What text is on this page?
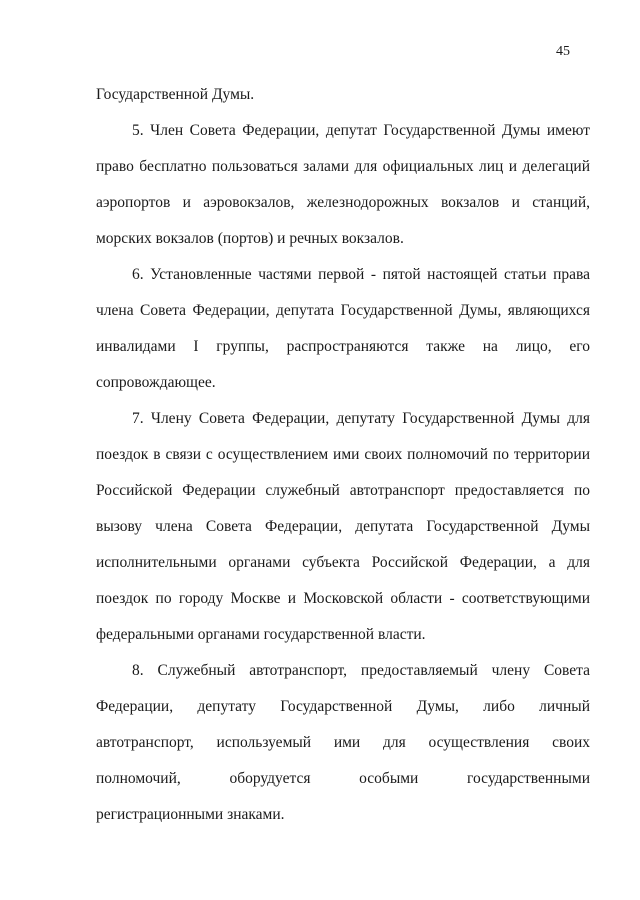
45
Государственной Думы.
5. Член Совета Федерации, депутат Государственной Думы имеют
право бесплатно пользоваться залами для официальных лиц и делегаций
аэропортов и аэровокзалов, железнодорожных вокзалов и станций,
морских вокзалов (портов) и речных вокзалов.
6. Установленные частями первой - пятой настоящей статьи права
члена Совета Федерации, депутата Государственной Думы, являющихся
инвалидами I группы, распространяются также на лицо, его
сопровождающее.
7. Члену Совета Федерации, депутату Государственной Думы для
поездок в связи с осуществлением ими своих полномочий по территории
Российской Федерации служебный автотранспорт предоставляется по
вызову члена Совета Федерации, депутата Государственной Думы
исполнительными органами субъекта Российской Федерации, а для
поездок по городу Москве и Московской области - соответствующими
федеральными органами государственной власти.
8. Служебный автотранспорт, предоставляемый члену Совета
Федерации, депутату Государственной Думы, либо личный
автотранспорт, используемый ими для осуществления своих
полномочий, оборудуется особыми государственными
регистрационными знаками.
